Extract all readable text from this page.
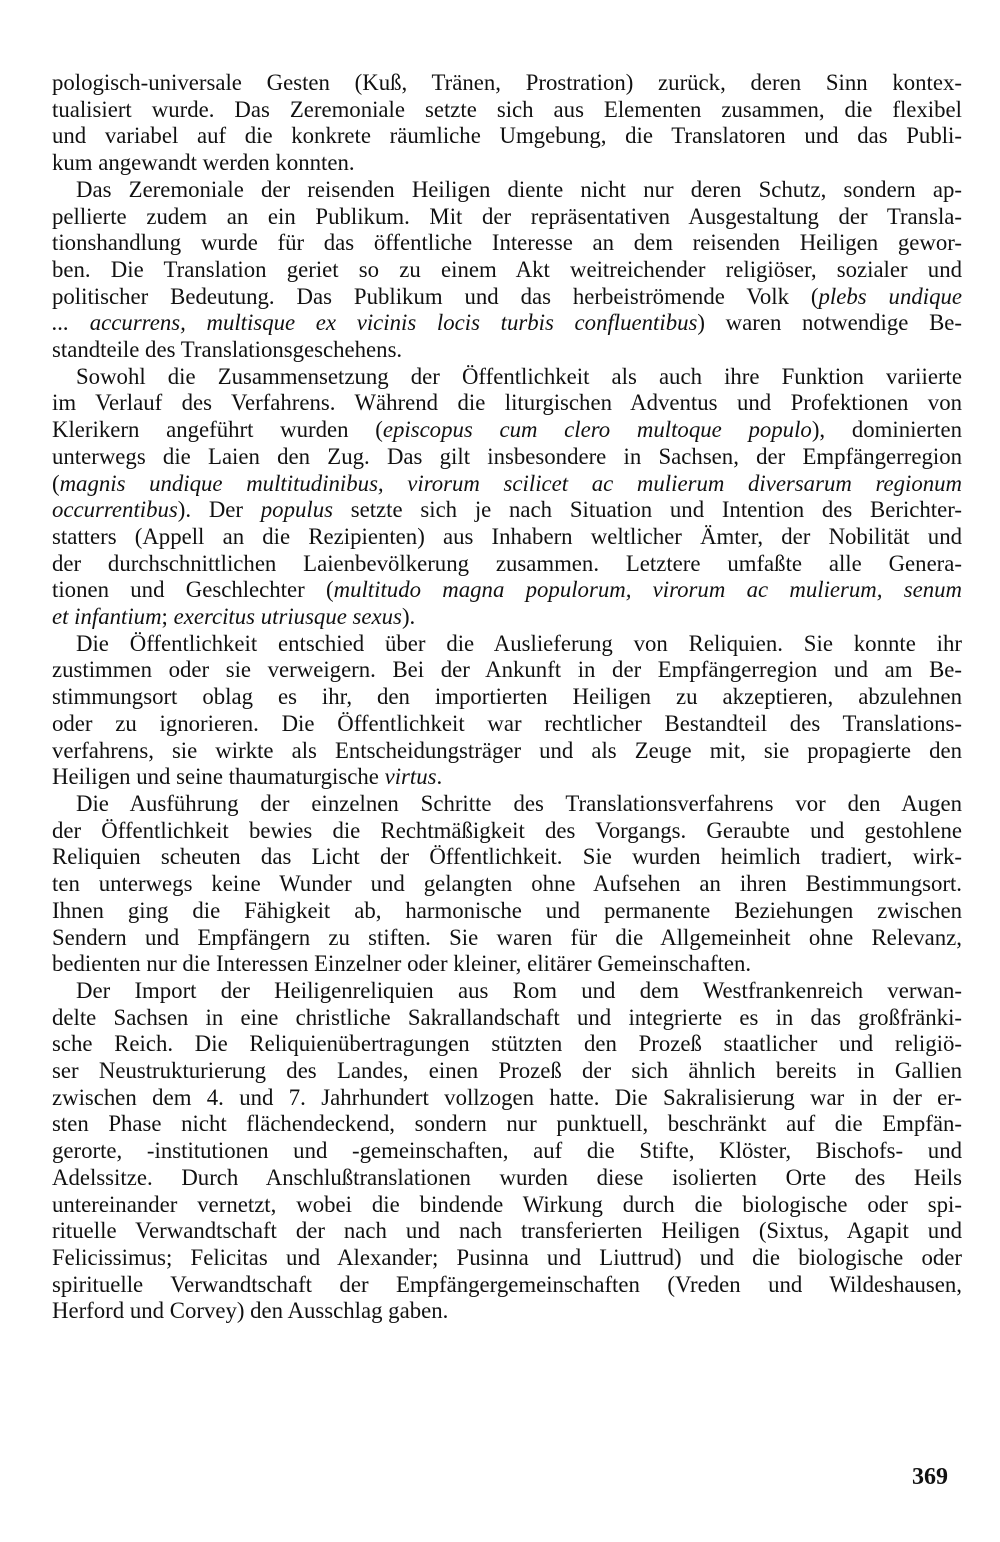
pologisch-universale Gesten (Kuß, Tränen, Prostration) zurück, deren Sinn kontex-
tualisiert wurde. Das Zeremoniale setzte sich aus Elementen zusammen, die flexibel
und variabel auf die konkrete räumliche Umgebung, die Translatoren und das Publi-
kum angewandt werden konnten.
Das Zeremoniale der reisenden Heiligen diente nicht nur deren Schutz, sondern ap-
pellierte zudem an ein Publikum. Mit der repräsentativen Ausgestaltung der Transla-
tionshandlung wurde für das öffentliche Interesse an dem reisenden Heiligen gewor-
ben. Die Translation geriet so zu einem Akt weitreichender religiöser, sozialer und
politischer Bedeutung. Das Publikum und das herbeiströmende Volk (plebs undique
... accurrens, multisque ex vicinis locis turbis confluentibus) waren notwendige Be-
standteile des Translationsgeschehens.
Sowohl die Zusammensetzung der Öffentlichkeit als auch ihre Funktion variierte
im Verlauf des Verfahrens. Während die liturgischen Adventus und Profektionen von
Klerikern angeführt wurden (episcopus cum clero multoque populo), dominierten
unterwegs die Laien den Zug. Das gilt insbesondere in Sachsen, der Empfängerregion
(magnis undique multitudinibus, virorum scilicet ac mulierum diversarum regionum
occurrentibus). Der populus setzte sich je nach Situation und Intention des Berichter-
statters (Appell an die Rezipienten) aus Inhabern weltlicher Ämter, der Nobilität und
der durchschnittlichen Laienbevölkerung zusammen. Letztere umfaßte alle Genera-
tionen und Geschlechter (multitudo magna populorum, virorum ac mulierum, senum
et infantium; exercitus utriusque sexus).
Die Öffentlichkeit entschied über die Auslieferung von Reliquien. Sie konnte ihr
zustimmen oder sie verweigern. Bei der Ankunft in der Empfängerregion und am Be-
stimmungsort oblag es ihr, den importierten Heiligen zu akzeptieren, abzulehnen
oder zu ignorieren. Die Öffentlichkeit war rechtlicher Bestandteil des Translations-
verfahrens, sie wirkte als Entscheidungsträger und als Zeuge mit, sie propagierte den
Heiligen und seine thaumaturgische virtus.
Die Ausführung der einzelnen Schritte des Translationsverfahrens vor den Augen
der Öffentlichkeit bewies die Rechtmäßigkeit des Vorgangs. Geraubte und gestohlene
Reliquien scheuten das Licht der Öffentlichkeit. Sie wurden heimlich tradiert, wirk-
ten unterwegs keine Wunder und gelangten ohne Aufsehen an ihren Bestimmungsort.
Ihnen ging die Fähigkeit ab, harmonische und permanente Beziehungen zwischen
Sendern und Empfängern zu stiften. Sie waren für die Allgemeinheit ohne Relevanz,
bedienten nur die Interessen Einzelner oder kleiner, elitärer Gemeinschaften.
Der Import der Heiligenreliquien aus Rom und dem Westfrankenreich verwan-
delte Sachsen in eine christliche Sakrallandschaft und integrierte es in das großfränki-
sche Reich. Die Reliquienübertragungen stützten den Prozeß staatlicher und religiö-
ser Neustrukturierung des Landes, einen Prozeß der sich ähnlich bereits in Gallien
zwischen dem 4. und 7. Jahrhundert vollzogen hatte. Die Sakralisierung war in der er-
sten Phase nicht flächendeckend, sondern nur punktuell, beschränkt auf die Empfän-
gerorte, -institutionen und -gemeinschaften, auf die Stifte, Klöster, Bischofs- und
Adelssitze. Durch Anschlußtranslationen wurden diese isolierten Orte des Heils
untereinander vernetzt, wobei die bindende Wirkung durch die biologische oder spi-
rituelle Verwandtschaft der nach und nach transferierten Heiligen (Sixtus, Agapit und
Felicissimus; Felicitas und Alexander; Pusinna und Liuttrud) und die biologische oder
spirituelle Verwandtschaft der Empfängergemeinschaften (Vreden und Wildeshausen,
Herford und Corvey) den Ausschlag gaben.
369
